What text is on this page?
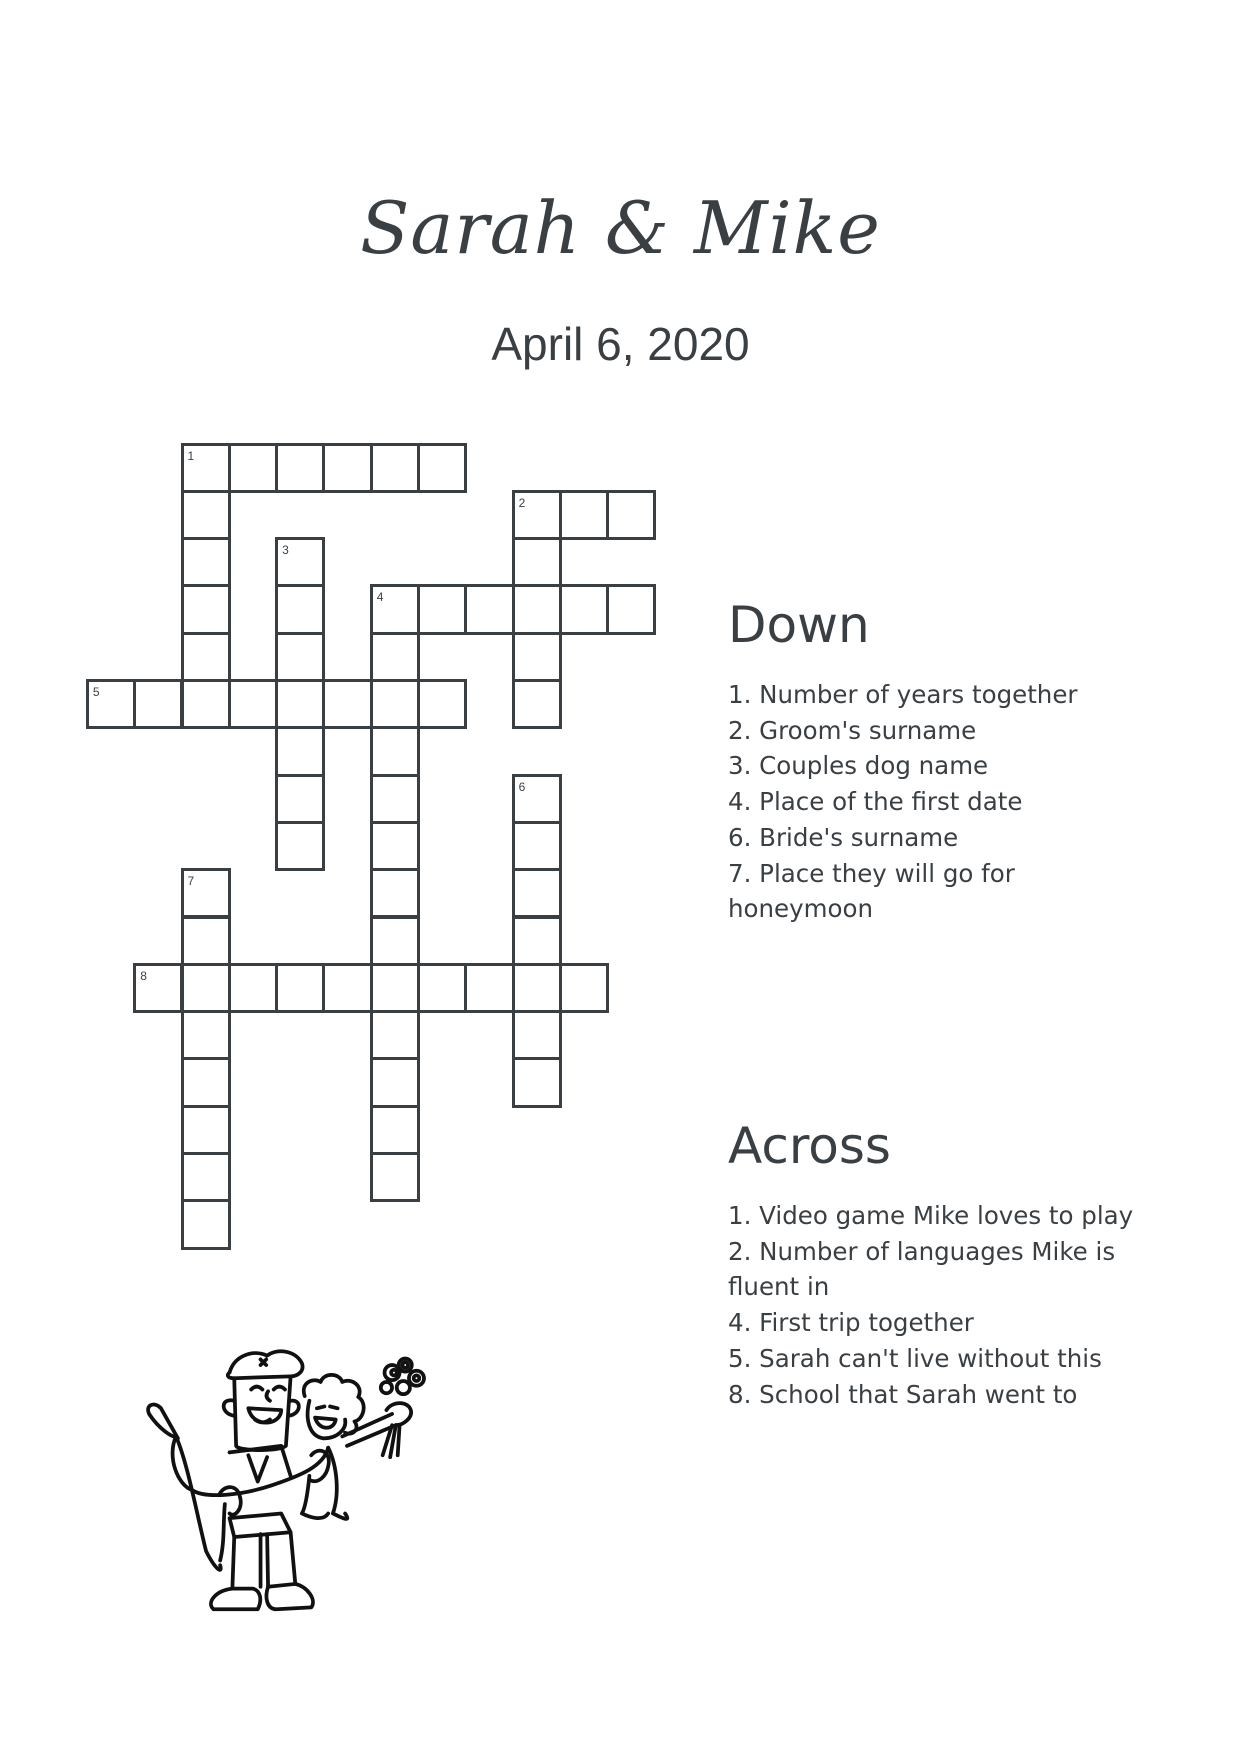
Sarah & Mike
April 6, 2020
1
2
3
4
5
6
7
8
Down
1. Number of years together
2. Groom's surname
3. Couples dog name
4. Place of the first date
6. Bride's surname
7. Place they will go for
honeymoon
Across
1. Video game Mike loves to play
2. Number of languages Mike is
fluent in
4. First trip together
5. Sarah can't live without this
8. School that Sarah went to
